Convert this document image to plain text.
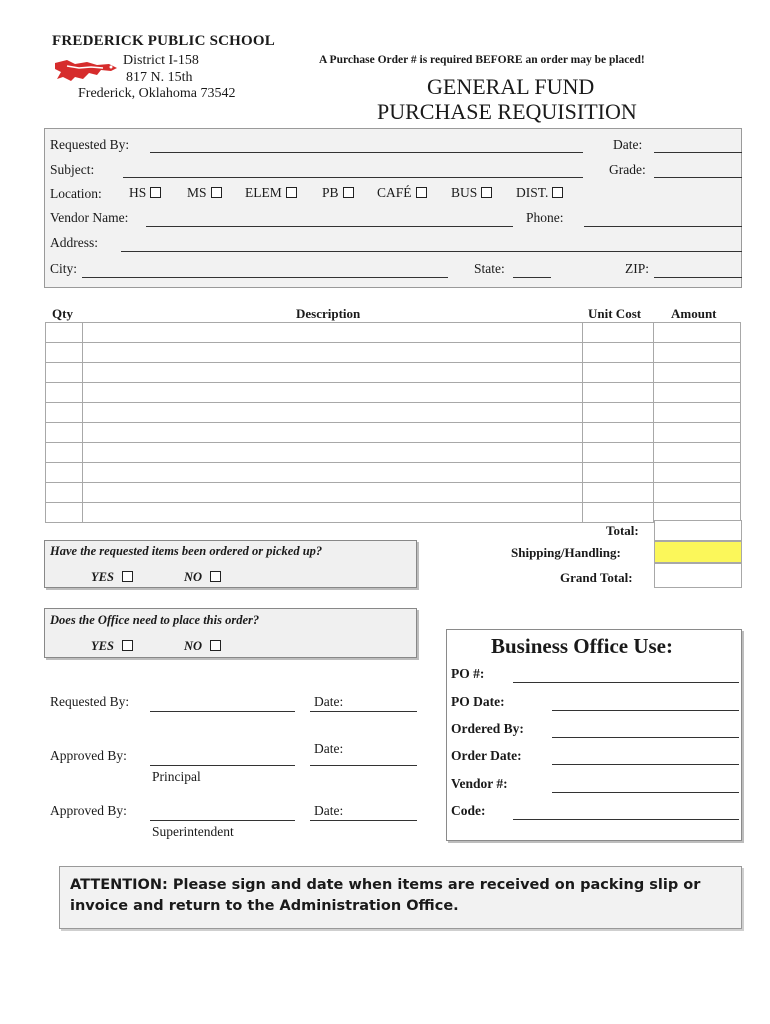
FREDERICK PUBLIC SCHOOL
District I-158
817 N. 15th
Frederick, Oklahoma 73542
A Purchase Order # is required BEFORE an order may be placed!
GENERAL FUND
PURCHASE REQUISITION
Requested By:	Date:
Subject:	Grade:
Location: HS	MS	ELEM	PB	CAFÉ	BUS	DIST.
Vendor Name:	Phone:
Address:
City:	State:	ZIP:
Qty	Description	Unit Cost Amount

Total:
Shipping/Handling:
Grand Total:
Have the requested items been ordered or picked up?
YES	NO
Does the Office need to place this order?
YES	NO
Requested By:	Date:
Approved By:	Date:
Principal
Approved By:	Date:
Superintendent
Business Office Use:
PO #:
PO Date:
Ordered By:
Order Date:
Vendor #:
Code:
ATTENTION: Please sign and date when items are received on packing slip or invoice and return to the Administration Office.
